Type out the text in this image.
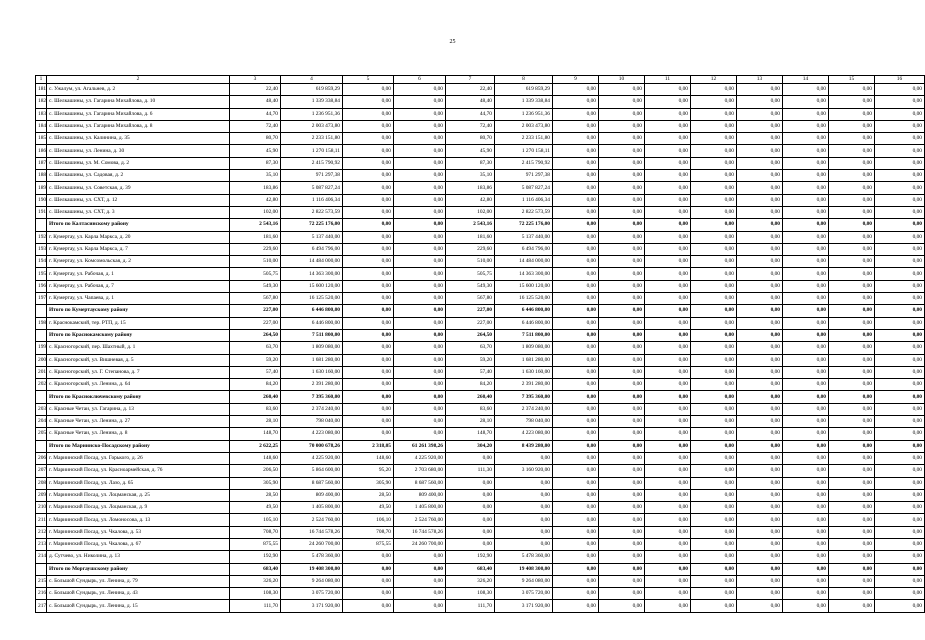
25
1	2	3	4	5	6	7	8	9	10	11	12	13	14	15	16
181	с. Ужалум, ул. Агальнев, д. 2	22,40	619 859,29	0,00	0,00	22,40	619 859,29	0,00	0,00	0,00	0,00	0,00	0,00	0,00	0,00
182	с. Шелкашины, ул. Гагарина Михайлова, д. 10	48,40	1 339 338,84	0,00	0,00	48,40	1 339 338,84	0,00	0,00	0,00	0,00	0,00	0,00	0,00	0,00
183	с. Шелкашины, ул. Гагарина Михайлова, д. 6	44,70	1 236 951,36	0,00	0,00	44,70	1 236 951,36	0,00	0,00	0,00	0,00	0,00	0,00	0,00	0,00
184	с. Шелкашины, ул. Гагарина Михайлова, д. 8	72,40	2 003 473,80	0,00	0,00	72,40	2 003 473,80	0,00	0,00	0,00	0,00	0,00	0,00	0,00	0,00
185	с. Шелкашины, ул. Калинина, д. 35	80,70	2 233 151,80	0,00	0,00	80,70	2 233 151,80	0,00	0,00	0,00	0,00	0,00	0,00	0,00	0,00
186	с. Шелкашины, ул. Ленина, д. 30	45,90	1 270 158,11	0,00	0,00	45,90	1 270 158,11	0,00	0,00	0,00	0,00	0,00	0,00	0,00	0,00
187	с. Шелкашины, ул. М. Сомова, д. 2	87,30	2 415 790,92	0,00	0,00	87,30	2 415 790,92	0,00	0,00	0,00	0,00	0,00	0,00	0,00	0,00
188	с. Шелкашины, ул. Садовая, д. 2	35,10	971 297,38	0,00	0,00	35,10	971 297,38	0,00	0,00	0,00	0,00	0,00	0,00	0,00	0,00
189	с. Шелкашины, ул. Советская, д. 39	183,86	5 087 827,24	0,00	0,00	183,86	5 087 827,24	0,00	0,00	0,00	0,00	0,00	0,00	0,00	0,00
190	с. Шелкашины, ул. СХТ, д. 12	42,80	1 116 406,34	0,00	0,00	42,80	1 116 406,34	0,00	0,00	0,00	0,00	0,00	0,00	0,00	0,00
191	с. Шелкашины, ул. СХТ, д. 3	102,00	2 822 573,59	0,00	0,00	102,00	2 822 573,59	0,00	0,00	0,00	0,00	0,00	0,00	0,00	0,00
	Итого по Калтасинскому району	2 543,16	72 225 176,00	0,00	0,00	2 543,16	72 225 176,00	0,00	0,00	0,00	0,00	0,00	0,00	0,00	0,00
192	г. Кумертау, ул. Карла Маркса, д. 20	181,60	5 137 440,00	0,00	0,00	181,60	5 137 440,00	0,00	0,00	0,00	0,00	0,00	0,00	0,00	0,00
193	г. Кумертау, ул. Карла Маркса, д. 7	229,60	6 494 796,00	0,00	0,00	229,60	6 494 796,00	0,00	0,00	0,00	0,00	0,00	0,00	0,00	0,00
194	г. Кумертау, ул. Комсомольская, д. 2	510,00	14 484 000,00	0,00	0,00	510,00	14 484 000,00	0,00	0,00	0,00	0,00	0,00	0,00	0,00	0,00
195	г. Кумертау, ул. Рабочая, д. 1	505,75	14 363 300,00	0,00	0,00	505,75	14 363 300,00	0,00	0,00	0,00	0,00	0,00	0,00	0,00	0,00
196	г. Кумертау, ул. Рабочая, д. 7	549,30	15 600 120,00	0,00	0,00	549,30	15 600 120,00	0,00	0,00	0,00	0,00	0,00	0,00	0,00	0,00
197	г. Кумертау, ул. Чапаева, д. 1	567,80	16 125 520,00	0,00	0,00	567,80	16 125 520,00	0,00	0,00	0,00	0,00	0,00	0,00	0,00	0,00
	Итого по Кумертаускому району	227,00	6 446 800,00	0,00	0,00	227,00	6 446 800,00	0,00	0,00	0,00	0,00	0,00	0,00	0,00	0,00
198	г. Краснокамский, тер. РТП, д. 15	227,00	6 446 800,00	0,00	0,00	227,00	6 446 800,00	0,00	0,00	0,00	0,00	0,00	0,00	0,00	0,00
	Итого по Краснокамскому району	264,50	7 511 800,00	0,00	0,00	264,50	7 511 800,00	0,00	0,00	0,00	0,00	0,00	0,00	0,00	0,00
199	с. Красногорский, пер. Шахтный, д. 1	63,70	1 809 080,00	0,00	0,00	63,70	1 809 080,00	0,00	0,00	0,00	0,00	0,00	0,00	0,00	0,00
200	с. Красногорский, ул. Вишневая, д. 5	59,20	1 681 280,00	0,00	0,00	59,20	1 681 280,00	0,00	0,00	0,00	0,00	0,00	0,00	0,00	0,00
201	с. Красногорский, ул. Г. Степанова, д. 7	57,40	1 630 160,00	0,00	0,00	57,40	1 630 160,00	0,00	0,00	0,00	0,00	0,00	0,00	0,00	0,00
202	с. Красногорский, ул. Ленина, д. 64	84,20	2 391 280,00	0,00	0,00	84,20	2 391 280,00	0,00	0,00	0,00	0,00	0,00	0,00	0,00	0,00
	Итого по Красноключевскому району	260,40	7 395 360,00	0,00	0,00	260,40	7 395 360,00	0,00	0,00	0,00	0,00	0,00	0,00	0,00	0,00
203	с. Красные Четаи, ул. Гагарина, д. 13	83,60	2 374 240,00	0,00	0,00	83,60	2 374 240,00	0,00	0,00	0,00	0,00	0,00	0,00	0,00	0,00
204	с. Красные Четаи, ул. Ленина, д. 27	28,10	798 040,00	0,00	0,00	28,10	798 040,00	0,00	0,00	0,00	0,00	0,00	0,00	0,00	0,00
205	с. Красные Четаи, ул. Ленина, д. 8	148,70	4 223 080,00	0,00	0,00	148,70	4 223 080,00	0,00	0,00	0,00	0,00	0,00	0,00	0,00	0,00
	Итого по Мариинско-Посадскому району	2 622,25	70 000 678,26	2 318,05	61 261 398,26	304,20	8 439 280,00	0,00	0,00	0,00	0,00	0,00	0,00	0,00	0,00
206	г. Мариинский Посад, ул. Горького, д. 26	148,60	4 225 920,00	148,60	4 225 920,00	0,00	0,00	0,00	0,00	0,00	0,00	0,00	0,00	0,00	0,00
207	г. Мариинский Посад, ул. Красноармейская, д. 76	206,50	5 864 600,00	95,20	2 703 680,00	111,30	3 160 920,00	0,00	0,00	0,00	0,00	0,00	0,00	0,00	0,00
208	г. Мариинский Посад, ул. Лазо, д. 65	305,90	8 687 560,00	305,90	8 687 560,00	0,00	0,00	0,00	0,00	0,00	0,00	0,00	0,00	0,00	0,00
209	г. Мариинский Посад, ул. Лоцманская, д. 25	28,50	809 400,00	28,50	809 400,00	0,00	0,00	0,00	0,00	0,00	0,00	0,00	0,00	0,00	0,00
210	г. Мариинский Посад, ул. Лоцманская, д. 9	49,50	1 405 800,00	49,50	1 405 800,00	0,00	0,00	0,00	0,00	0,00	0,00	0,00	0,00	0,00	0,00
211	г. Мариинский Посад, ул. Ломоносова, д. 13	105,10	2 524 760,00	106,10	2 524 760,00	0,00	0,00	0,00	0,00	0,00	0,00	0,00	0,00	0,00	0,00
212	г. Мариинский Посад, ул. Чкалова, д. 53	708,70	16 744 578,26	708,70	16 744 578,26	0,00	0,00	0,00	0,00	0,00	0,00	0,00	0,00	0,00	0,00
213	г. Мариинский Посад, ул. Чкалова, д. 67	875,55	24 260 700,00	875,55	24 260 700,00	0,00	0,00	0,00	0,00	0,00	0,00	0,00	0,00	0,00	0,00
214	д. Сутчево, ул. Николина, д. 13	192,90	5 478 360,00	0,00	0,00	192,90	5 478 360,00	0,00	0,00	0,00	0,00	0,00	0,00	0,00	0,00
	Итого по Моргаушскому району	683,40	19 408 300,00	0,00	0,00	683,40	19 408 300,00	0,00	0,00	0,00	0,00	0,00	0,00	0,00	0,00
215	с. Большой Сундырь, ул. Ленина, д. 79	326,20	9 264 080,00	0,00	0,00	326,20	9 264 080,00	0,00	0,00	0,00	0,00	0,00	0,00	0,00	0,00
216	с. Большой Сундырь, ул. Ленина, д. 43	108,30	3 075 720,00	0,00	0,00	108,30	3 075 720,00	0,00	0,00	0,00	0,00	0,00	0,00	0,00	0,00
217	с. Большой Сундырь, ул. Ленина, д. 15	111,70	3 171 920,00	0,00	0,00	111,70	3 171 920,00	0,00	0,00	0,00	0,00	0,00	0,00	0,00	0,00
